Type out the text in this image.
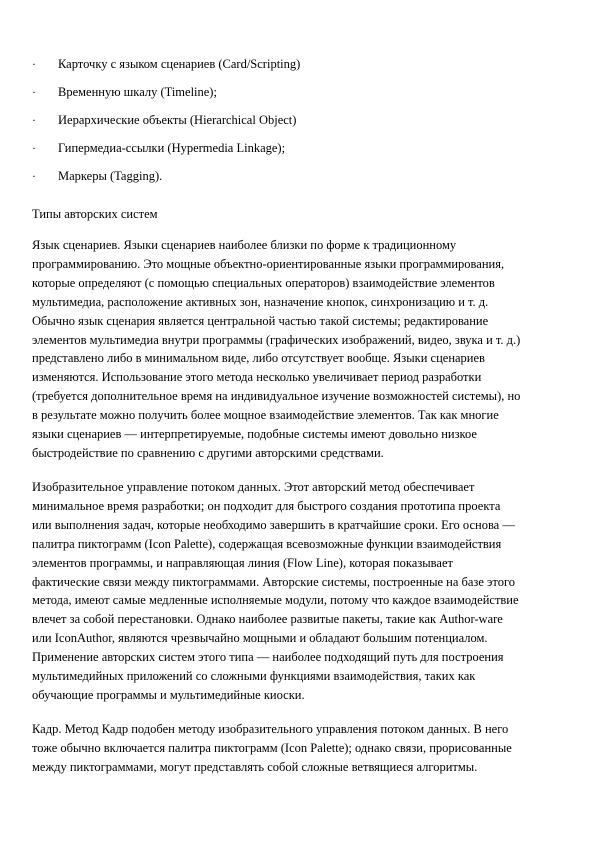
· Карточку с языком сценариев (Card/Scripting)
· Временную шкалу (Timeline);
· Иерархические объекты (Hierarchical Object)
· Гипермедиа-ссылки (Hypermedia Linkage);
· Маркеры (Tagging).
Типы авторских систем
Язык сценариев. Языки сценариев наиболее близки по форме к традиционному
программированию. Это мощные объектно-ориентированные языки программирования,
которые определяют (с помощью специальных операторов) взаимодействие элементов
мультимедиа, расположение активных зон, назначение кнопок, синхронизацию и т. д.
Обычно язык сценария является центральной частью такой системы; редактирование
элементов мультимедиа внутри программы (графических изображений, видео, звука и т. д.)
представлено либо в минимальном виде, либо отсутствует вообще. Языки сценариев
изменяются. Использование этого метода несколько увеличивает период разработки
(требуется дополнительное время на индивидуальное изучение возможностей системы), но
в результате можно получить более мощное взаимодействие элементов. Так как многие
языки сценариев — интерпретируемые, подобные системы имеют довольно низкое
быстродействие по сравнению с другими авторскими средствами.
Изобразительное управление потоком данных. Этот авторский метод обеспечивает
минимальное время разработки; он подходит для быстрого создания прототипа проекта
или выполнения задач, которые необходимо завершить в кратчайшие сроки. Его основа —
палитра пиктограмм (Icon Palette), содержащая всевозможные функции взаимодействия
элементов программы, и направляющая линия (Flow Line), которая показывает
фактические связи между пиктограммами. Авторские системы, построенные на базе этого
метода, имеют самые медленные исполняемые модули, потому что каждое взаимодействие
влечет за собой перестановки. Однако наиболее развитые пакеты, такие как Author-ware
или IconAuthor, являются чрезвычайно мощными и обладают большим потенциалом.
Применение авторских систем этого типа — наиболее подходящий путь для построения
мультимедийных приложений со сложными функциями взаимодействия, таких как
обучающие программы и мультимедийные киоски.
Кадр. Метод Кадр подобен методу изобразительного управления потоком данных. В него
тоже обычно включается палитра пиктограмм (Icon Palette); однако связи, прорисованные
между пиктограммами, могут представлять собой сложные ветвящиеся алгоритмы.
